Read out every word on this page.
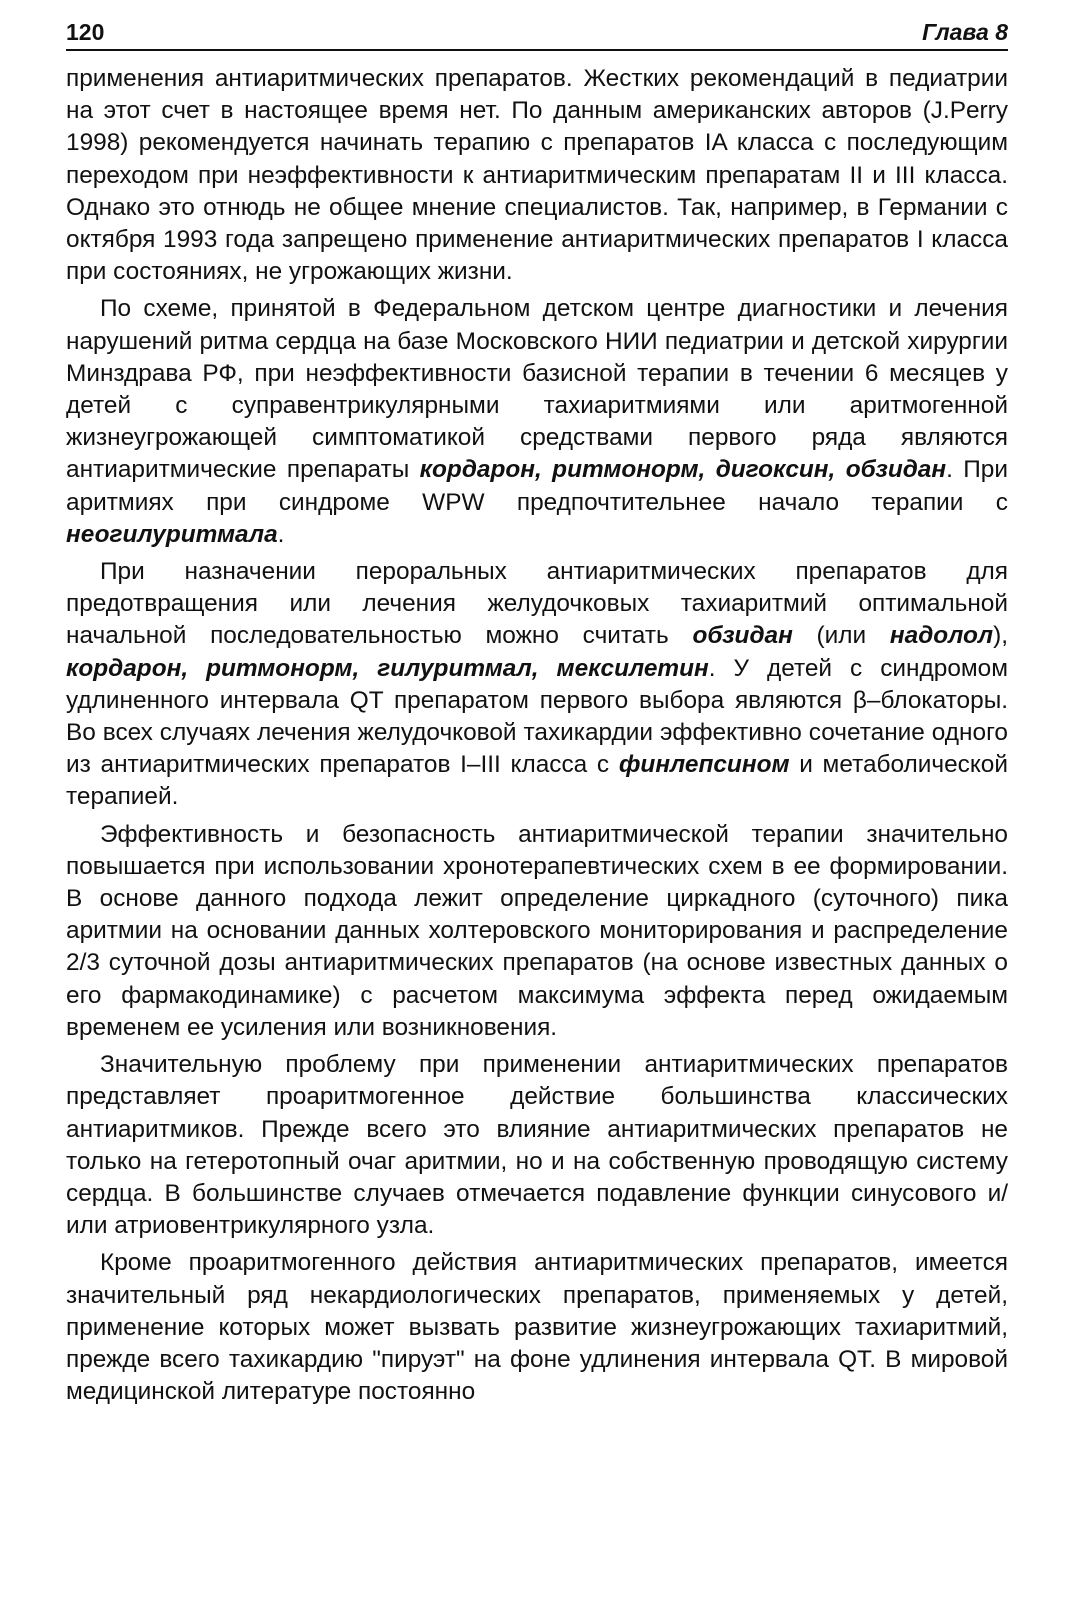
120	Глава 8

применения антиаритмических препаратов. Жестких рекомендаций в педиатрии на этот счет в настоящее время нет. По данным американских авторов (J.Perry 1998) рекомендуется начинать терапию с препаратов IA класса с последующим переходом при неэффективности к антиаритмическим препаратам II и III класса. Однако это отнюдь не общее мнение специалистов. Так, например, в Германии с октября 1993 года запрещено применение антиаритмических препаратов I класса при состояниях, не угрожающих жизни.

По схеме, принятой в Федеральном детском центре диагностики и лечения нарушений ритма сердца на базе Московского НИИ педиатрии и детской хирургии Минздрава РФ, при неэффективности базисной терапии в течении 6 месяцев у детей с суправентрикулярными тахиаритмиями или аритмогенной жизнеугрожающей симптоматикой средствами первого ряда являются антиаритмические препараты кордарон, ритмонорм, дигоксин, обзидан. При аритмиях при синдроме WPW предпочтительнее начало терапии с неогилуритмала.

При назначении пероральных антиаритмических препаратов для предотвращения или лечения желудочковых тахиаритмий оптимальной начальной последовательностью можно считать обзидан (или надолол), кордарон, ритмонорм, гилуритмал, мексилетин. У детей с синдромом удлиненного интервала QT препаратом первого выбора являются β–блокаторы. Во всех случаях лечения желудочковой тахикардии эффективно сочетание одного из антиаритмических препаратов I–III класса с финлепсином и метаболической терапией.

Эффективность и безопасность антиаритмической терапии значительно повышается при использовании хронотерапевтических схем в ее формировании. В основе данного подхода лежит определение циркадного (суточного) пика аритмии на основании данных холтеровского мониторирования и распределение 2/3 суточной дозы антиаритмических препаратов (на основе известных данных о его фармакодинамике) с расчетом максимума эффекта перед ожидаемым временем ее усиления или возникновения.

Значительную проблему при применении антиаритмических препаратов представляет проаритмогенное действие большинства классических антиаритмиков. Прежде всего это влияние антиаритмических препаратов не только на гетеротопный очаг аритмии, но и на собственную проводящую систему сердца. В большинстве случаев отмечается подавление функции синусового и/или атриовентрикулярного узла.

Кроме проаритмогенного действия антиаритмических препаратов, имеется значительный ряд некардиологических препаратов, применяемых у детей, применение которых может вызвать развитие жизнеугрожающих тахиаритмий, прежде всего тахикардию "пируэт" на фоне удлинения интервала QT. В мировой медицинской литературе постоянно
